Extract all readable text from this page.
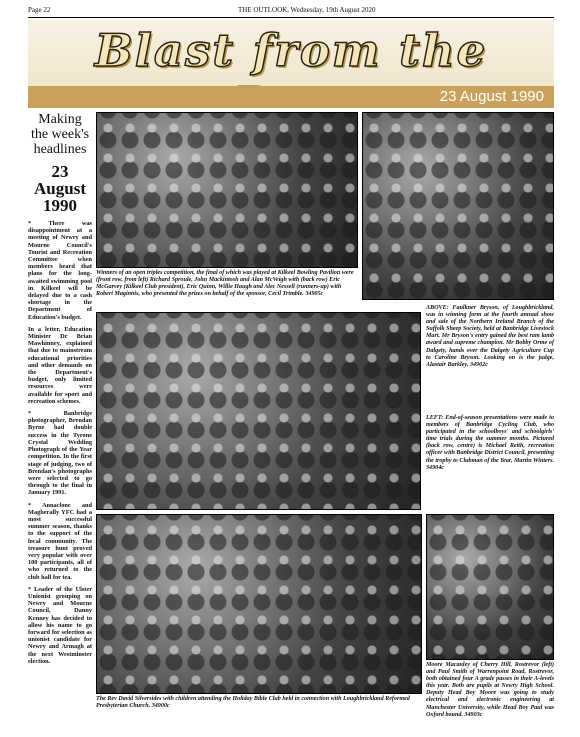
Page 22	THE OUTLOOK, Wednesday, 19th August 2020
Blast from the
23 August 1990
Making the week's headlines
23 August 1990

* There was disappointment at a meeting of Newry and Mourne Council's Tourist and Recreation Committee when members heard that plans for the long-awaited swimming pool in Kilkeel will be delayed due to a cash shortage in the Department of Education's budget.

In a letter, Education Minister Dr Brian Mawhinney, explained that due to mainstream educational priorities and other demands on the Department's budget, only limited resources were available for sport and recreation schemes.

* Banbridge photographer, Brendan Byrne had double success in the Tyrone Crystal Wedding Photograph of the Year competition. In the first stage of judging, two of Brendan's photographs were selected to go through to the final in January 1991.

* Annaclone and Magherally YFC had a most successful summer season, thanks to the support of the local community. The treasure hunt proved very popular with over 100 participants, all of who returned to the club hall for tea.

* Leader of the Ulster Unionist grouping on Newry and Mourne Council, Danny Kenney has decided to allow his name to go forward for selection as unionist candidate for Newry and Armagh at the next Westminster election.

Winners of an open triples competition, the final of which was played at Kilkeel Bowling Pavilion were (front row, from left) Richard Sproule, John Mackintosh and Alan McVeigh with (back row) Eric McGarvey (Kilkeel Club president), Eric Quinn, Willie Haugh and Alec Nessell (runners-up) with Robert Maginnis, who presented the prizes on behalf of the sponsor, Cecil Trimble. 34905c
ABOVE: Faulkner Bryson, of Loughbrickland, was in winning form at the fourth annual show and sale of the Northern Ireland Branch of the Suffolk Sheep Society, held at Banbridge Livestock Mart. Mr Bryson's entry gained the best ram lamb award and supreme champion. Mr Bobby Orme of Dalgety, hands over the Dalgety Agriculture Cup to Caroline Bryson. Looking on is the judge, Alastair Barkley. 34902c
LEFT: End-of-season presentations were made to members of Banbridge Cycling Club, who participated in the schoolboys' and schoolgirls' time trials during the summer months. Pictured (back row, centre) is Michael Reith, recreation officer with Banbridge District Council, presenting the trophy to Clubman of the Year, Martin Winters. 34904c
The Rev David Silversides with children attending the Holiday Bible Club held in connection with Loughbrickland Reformed Presbyterian Church. 34900c
Moore Macauley of Cherry Hill, Rostrevor (left) and Paul Smith of Warrenpoint Road, Rostrevor, both obtained four A grade passes in their A-levels this year. Both are pupils at Newry High School. Deputy Head Boy Moore was going to study electrical and electronic engineering at Manchester University, while Head Boy Paul was Oxford bound. 34903c
